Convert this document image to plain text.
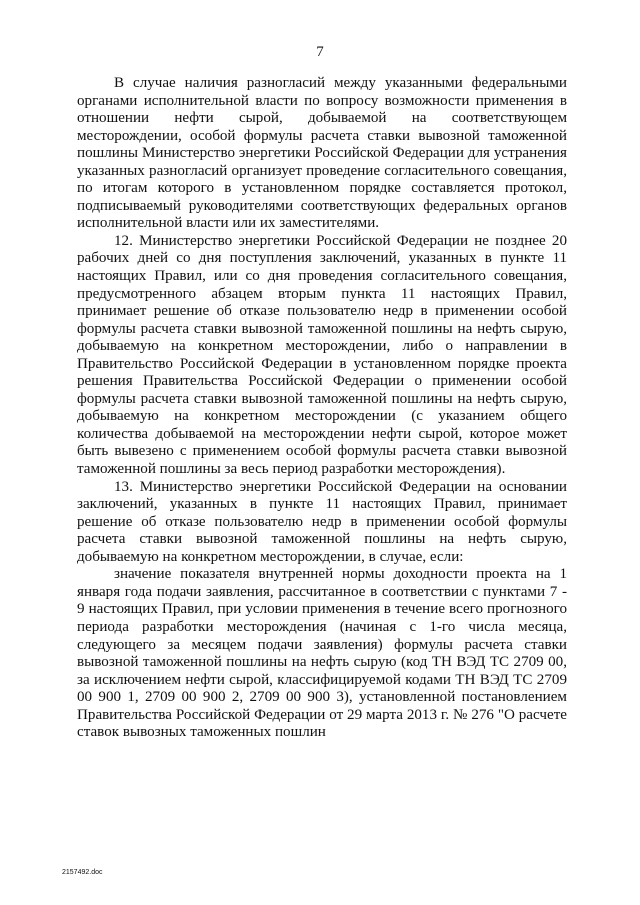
7

В случае наличия разногласий между указанными федеральными органами исполнительной власти по вопросу возможности применения в отношении нефти сырой, добываемой на соответствующем месторождении, особой формулы расчета ставки вывозной таможенной пошлины Министерство энергетики Российской Федерации для устранения указанных разногласий организует проведение согласительного совещания, по итогам которого в установленном порядке составляется протокол, подписываемый руководителями соответствующих федеральных органов исполнительной власти или их заместителями.

12. Министерство энергетики Российской Федерации не позднее 20 рабочих дней со дня поступления заключений, указанных в пункте 11 настоящих Правил, или со дня проведения согласительного совещания, предусмотренного абзацем вторым пункта 11 настоящих Правил, принимает решение об отказе пользователю недр в применении особой формулы расчета ставки вывозной таможенной пошлины на нефть сырую, добываемую на конкретном месторождении, либо о направлении в Правительство Российской Федерации в установленном порядке проекта решения Правительства Российской Федерации о применении особой формулы расчета ставки вывозной таможенной пошлины на нефть сырую, добываемую на конкретном месторождении (с указанием общего количества добываемой на месторождении нефти сырой, которое может быть вывезено с применением особой формулы расчета ставки вывозной таможенной пошлины за весь период разработки месторождения).

13. Министерство энергетики Российской Федерации на основании заключений, указанных в пункте 11 настоящих Правил, принимает решение об отказе пользователю недр в применении особой формулы расчета ставки вывозной таможенной пошлины на нефть сырую, добываемую на конкретном месторождении, в случае, если:

значение показателя внутренней нормы доходности проекта на 1 января года подачи заявления, рассчитанное в соответствии с пунктами 7 - 9 настоящих Правил, при условии применения в течение всего прогнозного периода разработки месторождения (начиная с 1-го числа месяца, следующего за месяцем подачи заявления) формулы расчета ставки вывозной таможенной пошлины на нефть сырую (код ТН ВЭД ТС 2709 00, за исключением нефти сырой, классифицируемой кодами ТН ВЭД ТС 2709 00 900 1, 2709 00 900 2, 2709 00 900 3), установленной постановлением Правительства Российской Федерации от 29 марта 2013 г. № 276 "О расчете ставок вывозных таможенных пошлин

2157492.doc
